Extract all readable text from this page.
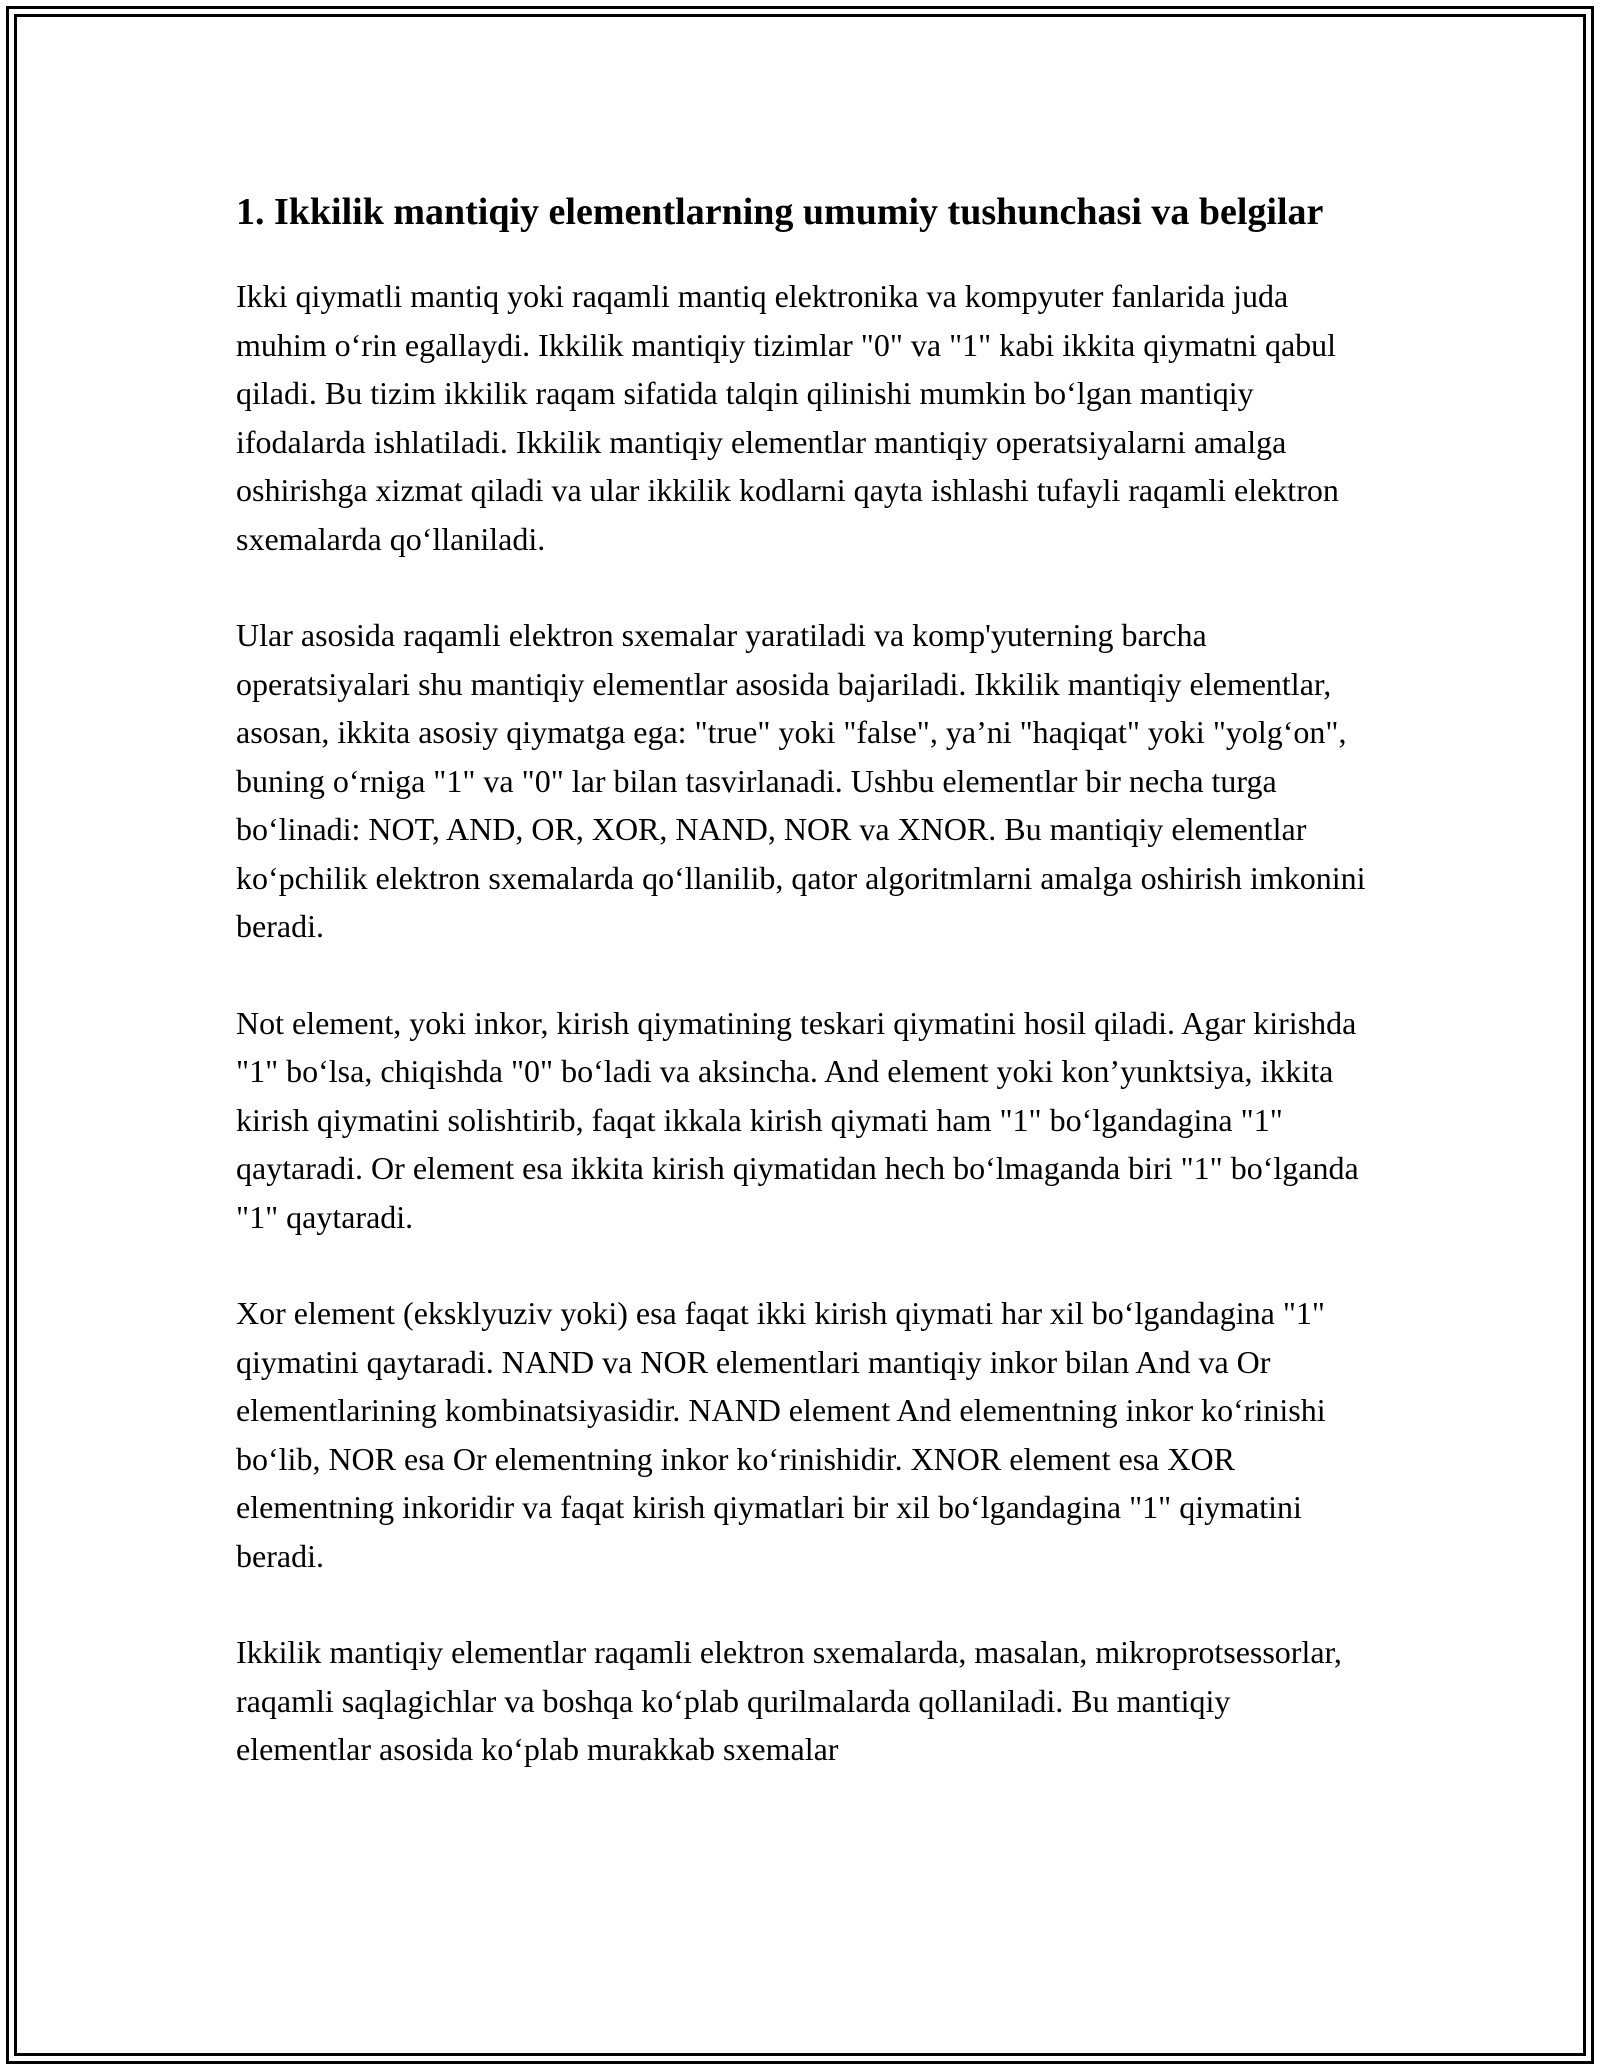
1. Ikkilik mantiqiy elementlarning umumiy tushunchasi va belgilar

Ikki qiymatli mantiq yoki raqamli mantiq elektronika va kompyuter fanlarida juda muhim oʻrin egallaydi. Ikkilik mantiqiy tizimlar "0" va "1" kabi ikkita qiymatni qabul qiladi. Bu tizim ikkilik raqam sifatida talqin qilinishi mumkin boʻlgan mantiqiy ifodalarda ishlatiladi. Ikkilik mantiqiy elementlar mantiqiy operatsiyalarni amalga oshirishga xizmat qiladi va ular ikkilik kodlarni qayta ishlashi tufayli raqamli elektron sxemalarda qoʻllaniladi.

Ular asosida raqamli elektron sxemalar yaratiladi va komp'yuterning barcha operatsiyalari shu mantiqiy elementlar asosida bajariladi. Ikkilik mantiqiy elementlar, asosan, ikkita asosiy qiymatga ega: "true" yoki "false", yaʼni "haqiqat" yoki "yolgʻon", buning oʻrniga "1" va "0" lar bilan tasvirlanadi. Ushbu elementlar bir necha turga boʻlinadi: NOT, AND, OR, XOR, NAND, NOR va XNOR. Bu mantiqiy elementlar koʻpchilik elektron sxemalarda qoʻllanilib, qator algoritmlarni amalga oshirish imkonini beradi.

Not element, yoki inkor, kirish qiymatining teskari qiymatini hosil qiladi. Agar kirishda "1" boʻlsa, chiqishda "0" boʻladi va aksincha. And element yoki konʼyunktsiya, ikkita kirish qiymatini solishtirib, faqat ikkala kirish qiymati ham "1" boʻlgandagina "1" qaytaradi. Or element esa ikkita kirish qiymatidan hech boʻlmaganda biri "1" boʻlganda "1" qaytaradi.

Xor element (eksklyuziv yoki) esa faqat ikki kirish qiymati har xil boʻlgandagina "1" qiymatini qaytaradi. NAND va NOR elementlari mantiqiy inkor bilan And va Or elementlarining kombinatsiyasidir. NAND element And elementning inkor koʻrinishi boʻlib, NOR esa Or elementning inkor koʻrinishidir. XNOR element esa XOR elementning inkoridir va faqat kirish qiymatlari bir xil boʻlgandagina "1" qiymatini beradi.

Ikkilik mantiqiy elementlar raqamli elektron sxemalarda, masalan, mikroprotsessorlar, raqamli saqlagichlar va boshqa koʻplab qurilmalarda qollaniladi. Bu mantiqiy elementlar asosida koʻplab murakkab sxemalar
